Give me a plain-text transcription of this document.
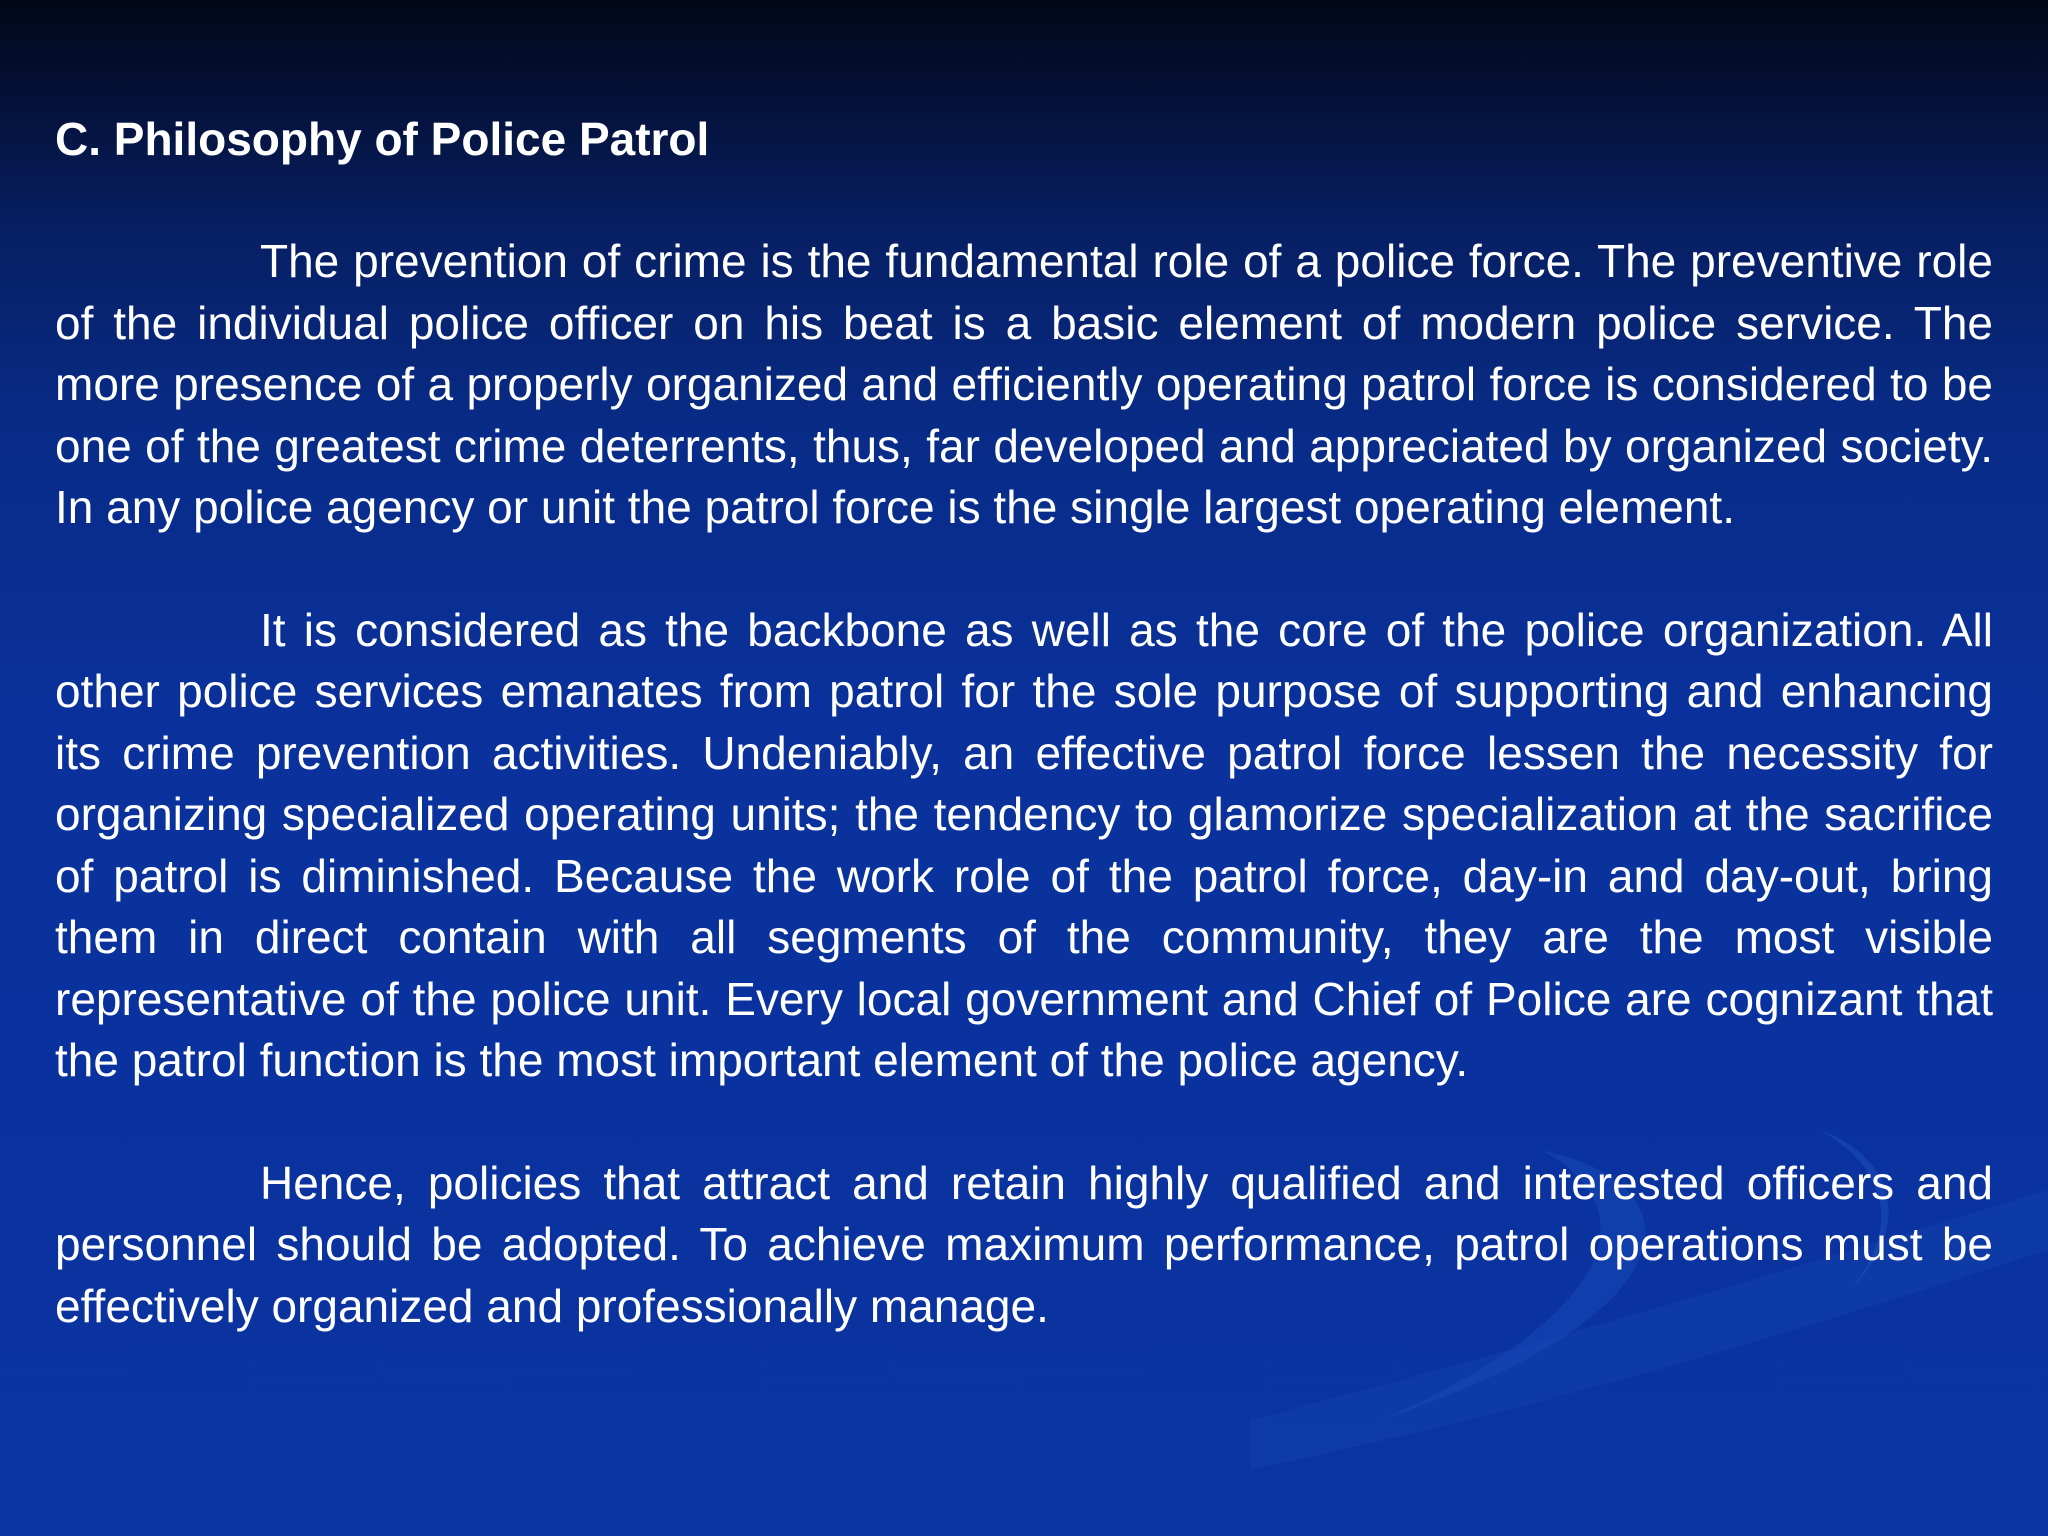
C. Philosophy of Police Patrol

The prevention of crime is the fundamental role of a police force. The preventive role of the individual police officer on his beat is a basic element of modern police service. The more presence of a properly organized and efficiently operating patrol force is considered to be one of the greatest crime deterrents, thus, far developed and appreciated by organized society. In any police agency or unit the patrol force is the single largest operating element.

It is considered as the backbone as well as the core of the police organization. All other police services emanates from patrol for the sole purpose of supporting and enhancing its crime prevention activities. Undeniably, an effective patrol force lessen the necessity for organizing specialized operating units; the tendency to glamorize specialization at the sacrifice of patrol is diminished. Because the work role of the patrol force, day-in and day-out, bring them in direct contain with all segments of the community, they are the most visible representative of the police unit. Every local government and Chief of Police are cognizant that the patrol function is the most important element of the police agency.

Hence, policies that attract and retain highly qualified and interested officers and personnel should be adopted. To achieve maximum performance, patrol operations must be effectively organized and professionally manage.
